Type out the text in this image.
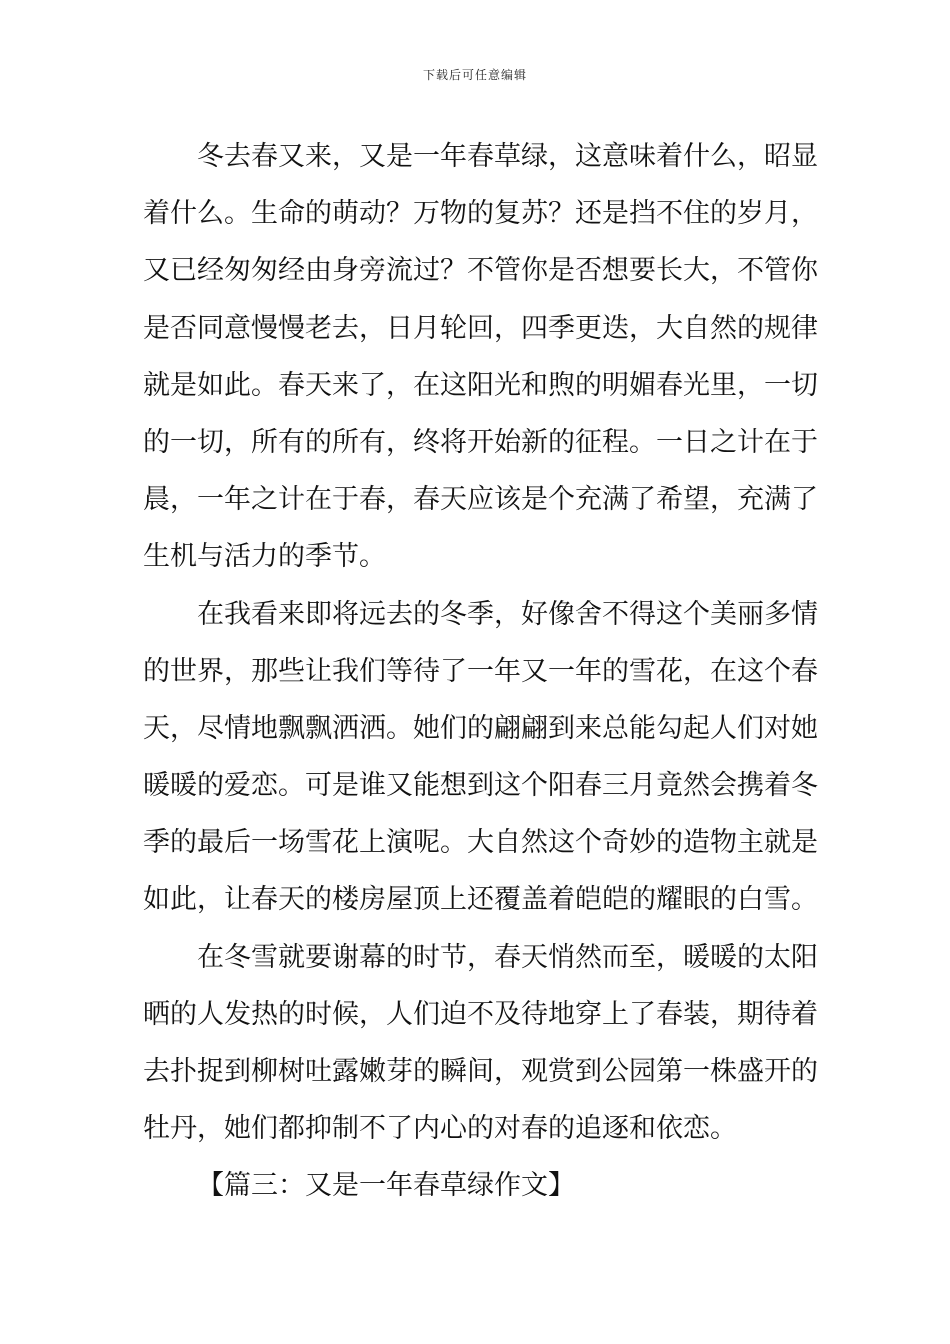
下载后可任意编辑
冬去春又来，又是一年春草绿，这意味着什么，昭显
着什么。生命的萌动？万物的复苏？还是挡不住的岁月，
又已经匆匆经由身旁流过？不管你是否想要长大，不管你
是否同意慢慢老去，日月轮回，四季更迭，大自然的规律
就是如此。春天来了，在这阳光和煦的明媚春光里，一切
的一切，所有的所有，终将开始新的征程。一日之计在于
晨，一年之计在于春，春天应该是个充满了希望，充满了
生机与活力的季节。
在我看来即将远去的冬季，好像舍不得这个美丽多情
的世界，那些让我们等待了一年又一年的雪花，在这个春
天，尽情地飘飘洒洒。她们的翩翩到来总能勾起人们对她
暖暖的爱恋。可是谁又能想到这个阳春三月竟然会携着冬
季的最后一场雪花上演呢。大自然这个奇妙的造物主就是
如此，让春天的楼房屋顶上还覆盖着皑皑的耀眼的白雪。
在冬雪就要谢幕的时节，春天悄然而至，暖暖的太阳
晒的人发热的时候，人们迫不及待地穿上了春装，期待着
去扑捉到柳树吐露嫩芽的瞬间，观赏到公园第一株盛开的
牡丹，她们都抑制不了内心的对春的追逐和依恋。
【篇三：又是一年春草绿作文】
